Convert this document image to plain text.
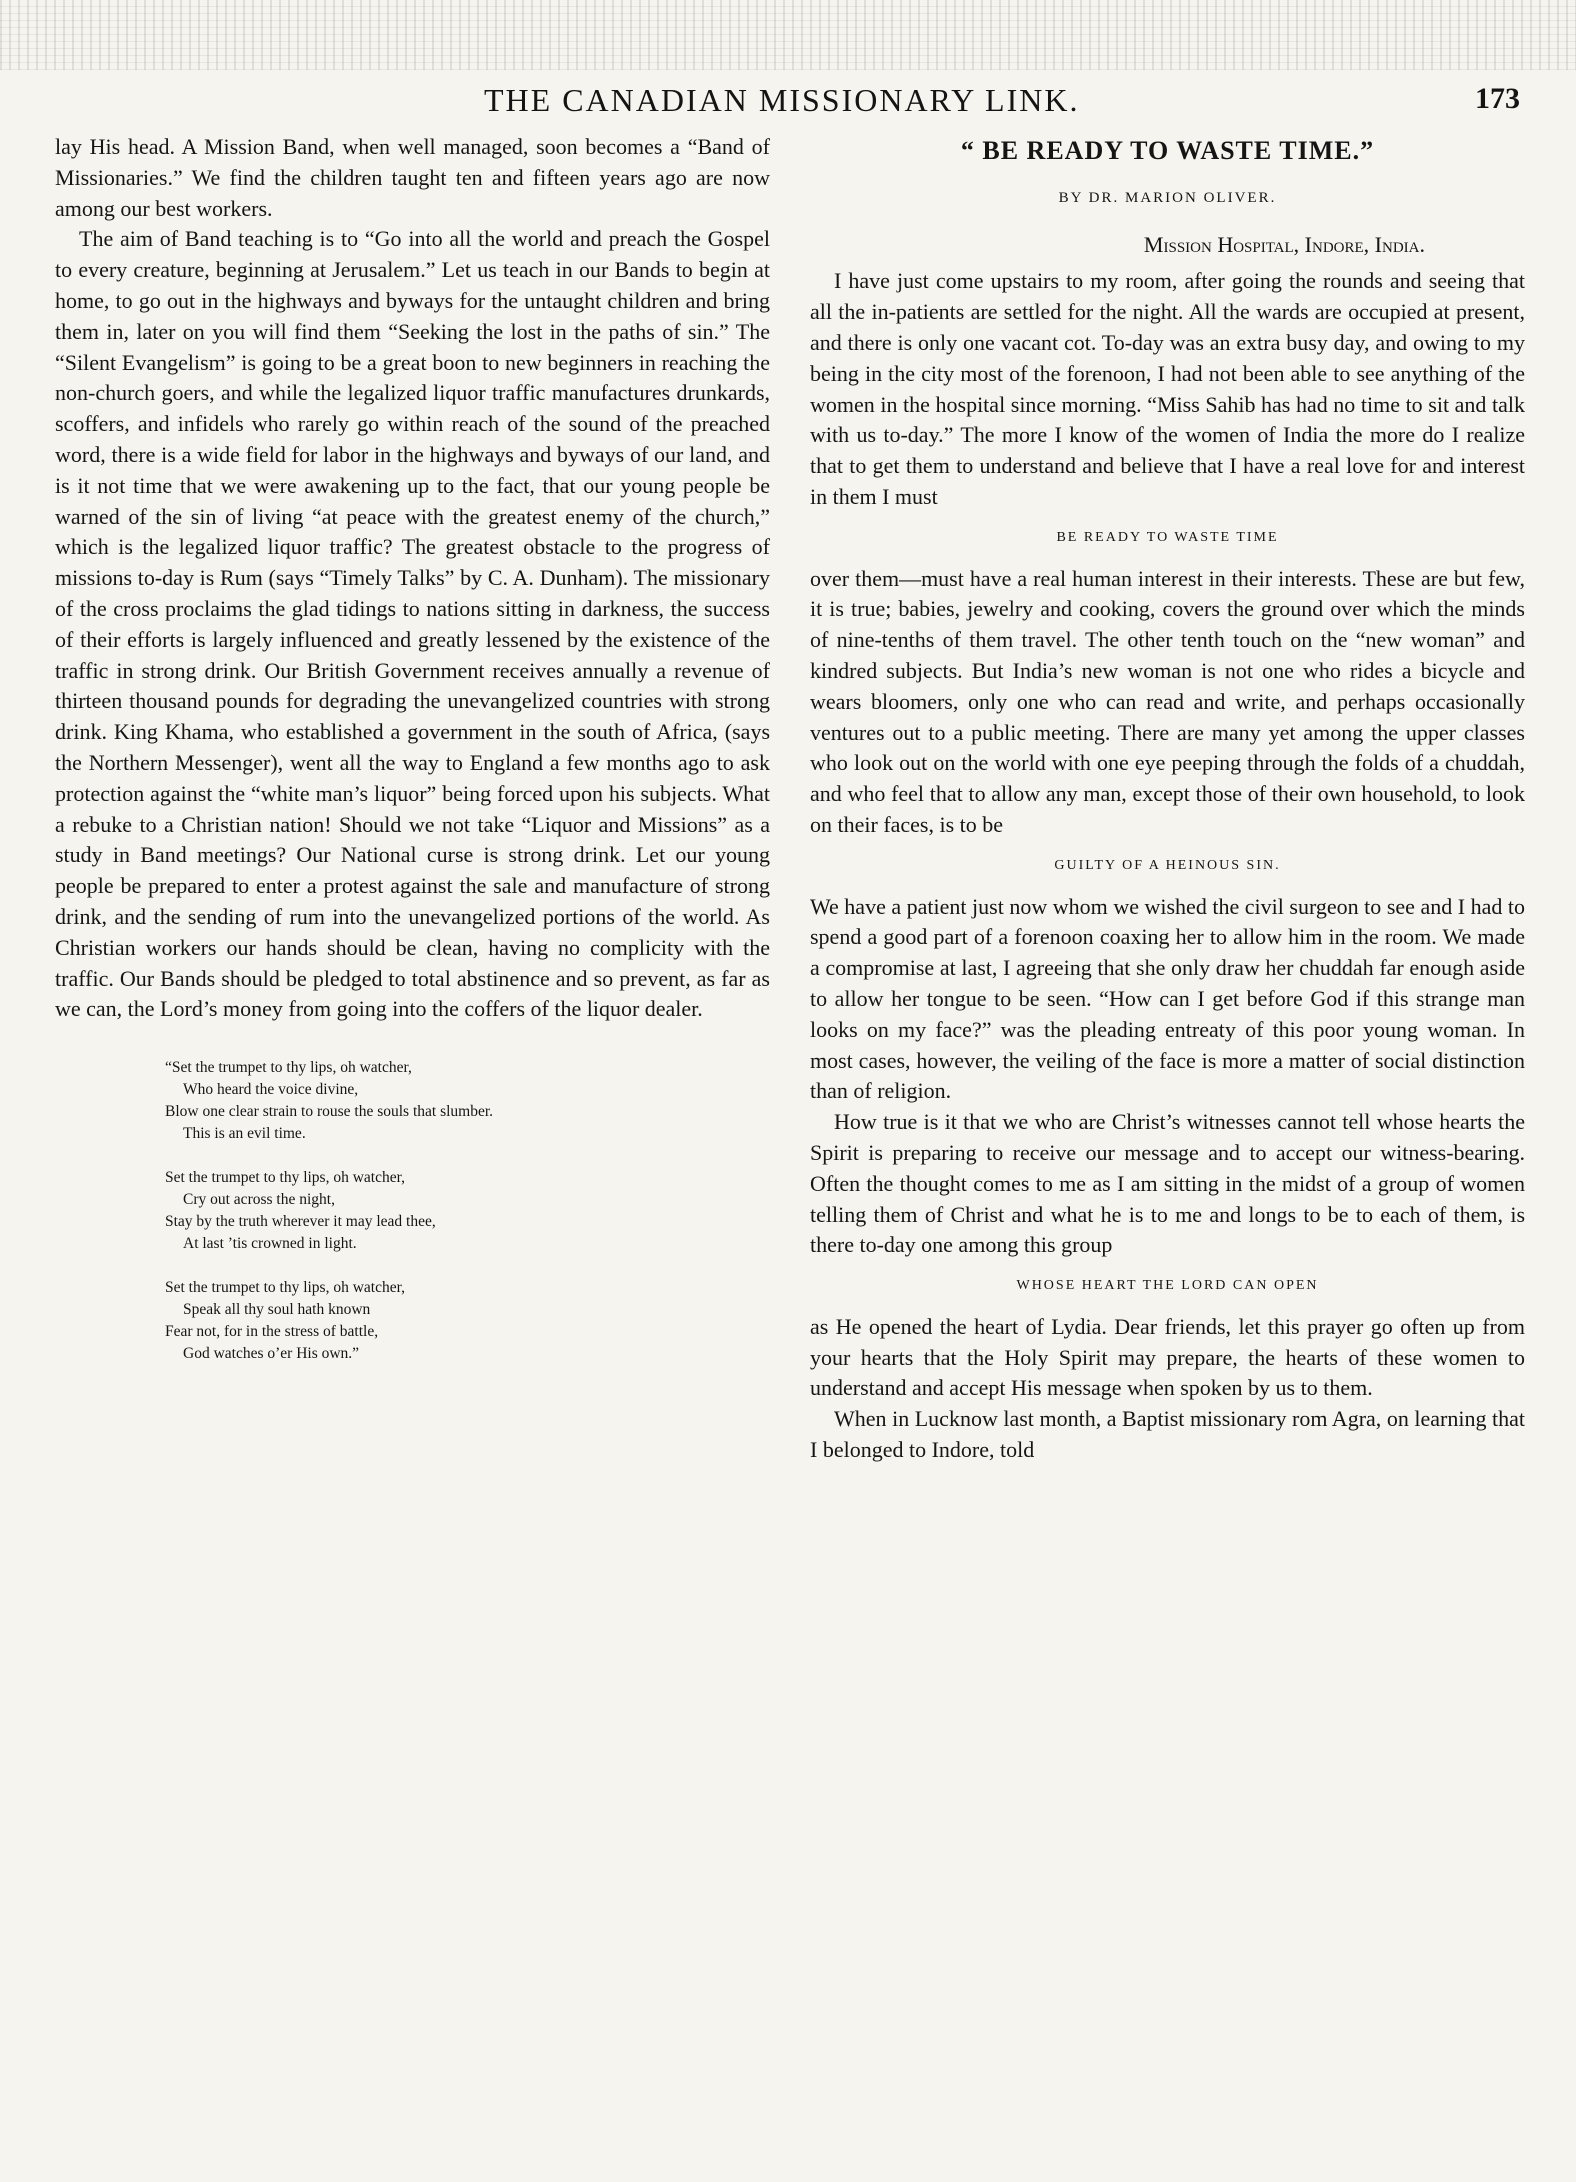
THE CANADIAN MISSIONARY LINK.	173

lay His head. A Mission Band, when well managed, soon becomes a “Band of Missionaries.” We find the children taught ten and fifteen years ago are now among our best workers.

The aim of Band teaching is to “Go into all the world and preach the Gospel to every creature, beginning at Jerusalem.” Let us teach in our Bands to begin at home, to go out in the highways and byways for the untaught children and bring them in, later on you will find them “Seeking the lost in the paths of sin.” The “Silent Evangelism” is going to be a great boon to new beginners in reaching the non-church goers, and while the legalized liquor traffic manufactures drunkards, scoffers, and infidels who rarely go within reach of the sound of the preached word, there is a wide field for labor in the highways and byways of our land, and is it not time that we were awakening up to the fact, that our young people be warned of the sin of living “at peace with the greatest enemy of the church,” which is the legalized liquor traffic? The greatest obstacle to the progress of missions to-day is Rum (says “Timely Talks” by C. A. Dunham). The missionary of the cross proclaims the glad tidings to nations sitting in darkness, the success of their efforts is largely influenced and greatly lessened by the existence of the traffic in strong drink. Our British Government receives annually a revenue of thirteen thousand pounds for degrading the unevangelized countries with strong drink. King Khama, who established a government in the south of Africa, (says the Northern Messenger), went all the way to England a few months ago to ask protection against the “white man’s liquor” being forced upon his subjects. What a rebuke to a Christian nation! Should we not take “Liquor and Missions” as a study in Band meetings? Our National curse is strong drink. Let our young people be prepared to enter a protest against the sale and manufacture of strong drink, and the sending of rum into the unevangelized portions of the world. As Christian workers our hands should be clean, having no complicity with the traffic. Our Bands should be pledged to total abstinence and so prevent, as far as we can, the Lord’s money from going into the coffers of the liquor dealer.

“Set the trumpet to thy lips, oh watcher,
Who heard the voice divine,
Blow one clear strain to rouse the souls that slumber.
This is an evil time.
Set the trumpet to thy lips, oh watcher,
Cry out across the night,
Stay by the truth wherever it may lead thee,
At last ’tis crowned in light.
Set the trumpet to thy lips, oh watcher,
Speak all thy soul hath known
Fear not, for in the stress of battle,
God watches o’er His own.”
“ BE READY TO WASTE TIME.”
BY DR. MARION OLIVER.
Mission Hospital, Indore, India.

I have just come upstairs to my room, after going the rounds and seeing that all the in-patients are settled for the night. All the wards are occupied at present, and there is only one vacant cot. To-day was an extra busy day, and owing to my being in the city most of the forenoon, I had not been able to see anything of the women in the hospital since morning. “Miss Sahib has had no time to sit and talk with us to-day.” The more I know of the women of India the more do I realize that to get them to understand and believe that I have a real love for and interest in them I must

BE READY TO WASTE TIME

over them—must have a real human interest in their interests. These are but few, it is true; babies, jewelry and cooking, covers the ground over which the minds of nine-tenths of them travel. The other tenth touch on the “new woman” and kindred subjects. But India’s new woman is not one who rides a bicycle and wears bloomers, only one who can read and write, and perhaps occasionally ventures out to a public meeting. There are many yet among the upper classes who look out on the world with one eye peeping through the folds of a chuddah, and who feel that to allow any man, except those of their own household, to look on their faces, is to be

GUILTY OF A HEINOUS SIN.

We have a patient just now whom we wished the civil surgeon to see and I had to spend a good part of a forenoon coaxing her to allow him in the room. We made a compromise at last, I agreeing that she only draw her chuddah far enough aside to allow her tongue to be seen. “How can I get before God if this strange man looks on my face?” was the pleading entreaty of this poor young woman. In most cases, however, the veiling of the face is more a matter of social distinction than of religion.

How true is it that we who are Christ’s witnesses cannot tell whose hearts the Spirit is preparing to receive our message and to accept our witness-bearing. Often the thought comes to me as I am sitting in the midst of a group of women telling them of Christ and what he is to me and longs to be to each of them, is there to-day one among this group

WHOSE HEART THE LORD CAN OPEN

as He opened the heart of Lydia. Dear friends, let this prayer go often up from your hearts that the Holy Spirit may prepare, the hearts of these women to understand and accept His message when spoken by us to them.

When in Lucknow last month, a Baptist missionary rom Agra, on learning that I belonged to Indore, told
